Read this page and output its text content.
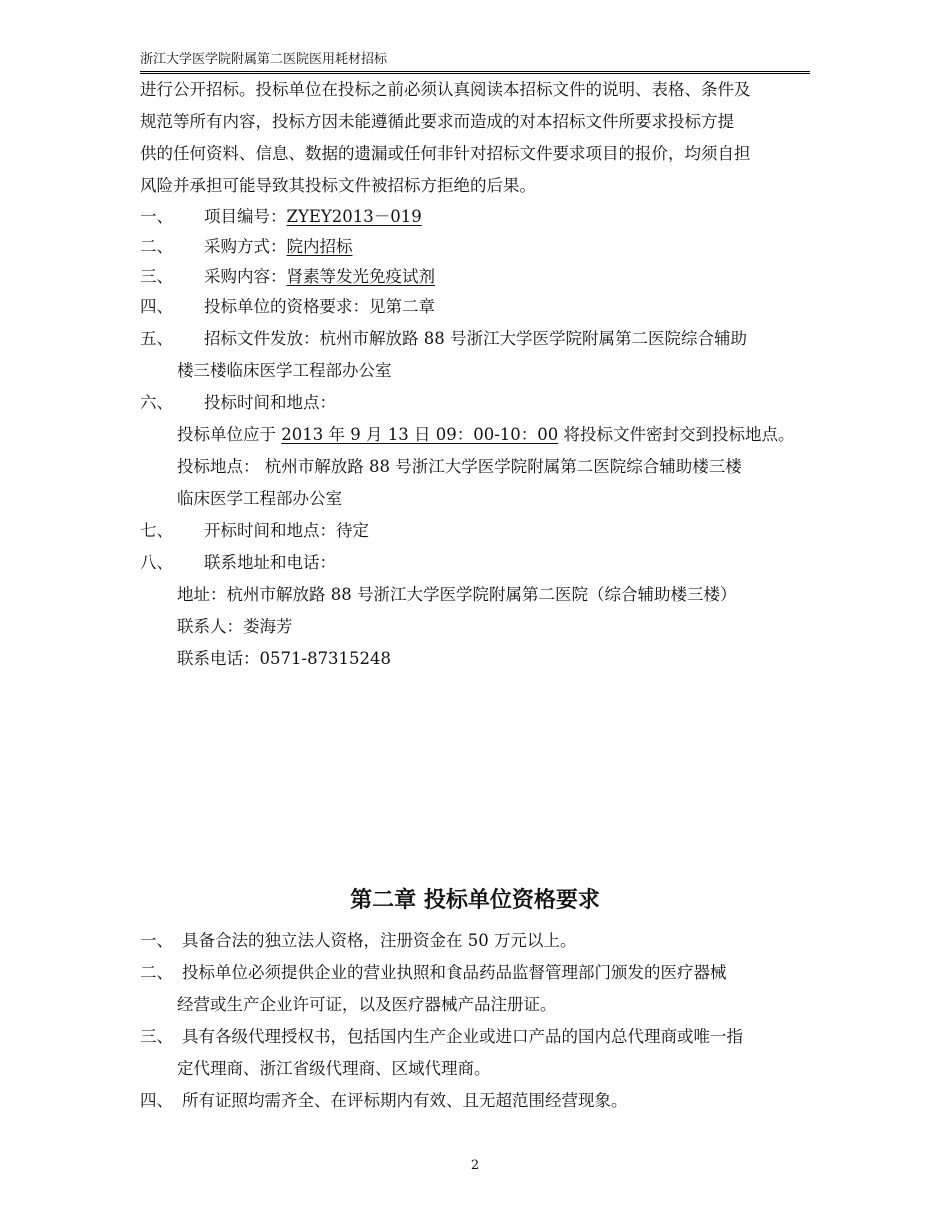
浙江大学医学院附属第二医院医用耗材招标

进行公开招标。投标单位在投标之前必须认真阅读本招标文件的说明、表格、条件及

规范等所有内容，投标方因未能遵循此要求而造成的对本招标文件所要求投标方提

供的任何资料、信息、数据的遗漏或任何非针对招标文件要求项目的报价，均须自担

风险并承担可能导致其投标文件被招标方拒绝的后果。

一、 项目编号：ZYEY2013－019
二、 采购方式：院内招标
三、 采购内容：肾素等发光免疫试剂
四、 投标单位的资格要求：见第二章
五、 招标文件发放：杭州市解放路 88 号浙江大学医学院附属第二医院综合辅助

楼三楼临床医学工程部办公室

六、 投标时间和地点：

投标单位应于 2013 年 9 月 13 日 09：00-10：00 将投标文件密封交到投标地点。

投标地点： 杭州市解放路 88 号浙江大学医学院附属第二医院综合辅助楼三楼

临床医学工程部办公室

七、 开标时间和地点：待定
八、 联系地址和电话：

地址：杭州市解放路 88 号浙江大学医学院附属第二医院（综合辅助楼三楼）

联系人：娄海芳

联系电话：0571-87315248

第二章 投标单位资格要求
一、 具备合法的独立法人资格，注册资金在 50 万元以上。
二、 投标单位必须提供企业的营业执照和食品药品监督管理部门颁发的医疗器械

经营或生产企业许可证，以及医疗器械产品注册证。

三、 具有各级代理授权书，包括国内生产企业或进口产品的国内总代理商或唯一指

定代理商、浙江省级代理商、区域代理商。

四、 所有证照均需齐全、在评标期内有效、且无超范围经营现象。
2
